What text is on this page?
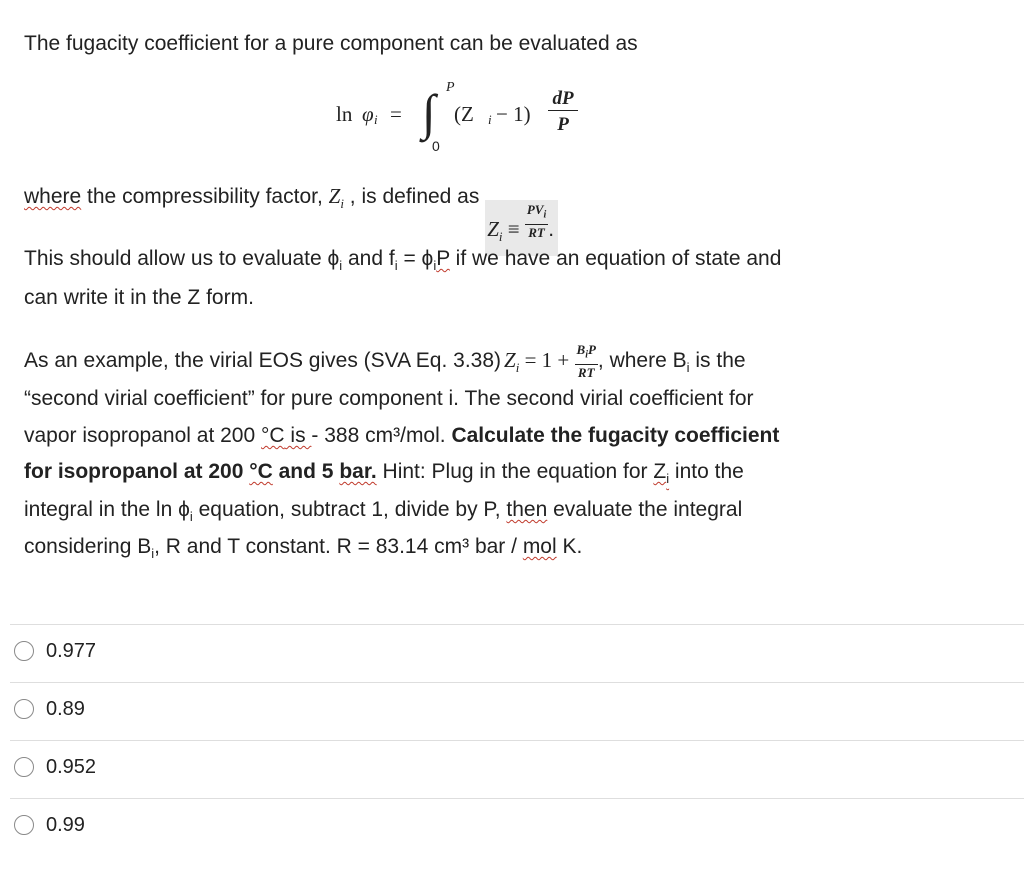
The fugacity coefficient for a pure component can be evaluated as
ln φ i = ∫ P
0
(Z i − 1)
dP
P
where the compressibility factor, $Z_i$ , is defined as $Z_i \equiv \frac{PV_i}{RT}$ .
This should allow us to evaluate $\phi_i$ and $f_i = \phi_iP$ if we have an equation of state and
can write it in the Z form.
As an example, the virial EOS gives (SVA Eq. 3.38) $Z_i = 1 + \frac{B_iP}{RT}$ , where $B_i$ is the
“second virial coefficient” for pure component i. The second virial coefficient for
vapor isopropanol at 200 °C is - 388 cm³/mol. Calculate the fugacity coefficient
for isopropanol at 200 °C and 5 bar. Hint: Plug in the equation for $Z_i$ into the
integral in the $\ln \phi_i$ equation, subtract 1, divide by P, then evaluate the integral
considering $B_i$, R and T constant. R = 83.14 cm³ bar / mol K.
0.977
0.89
0.952
0.99
